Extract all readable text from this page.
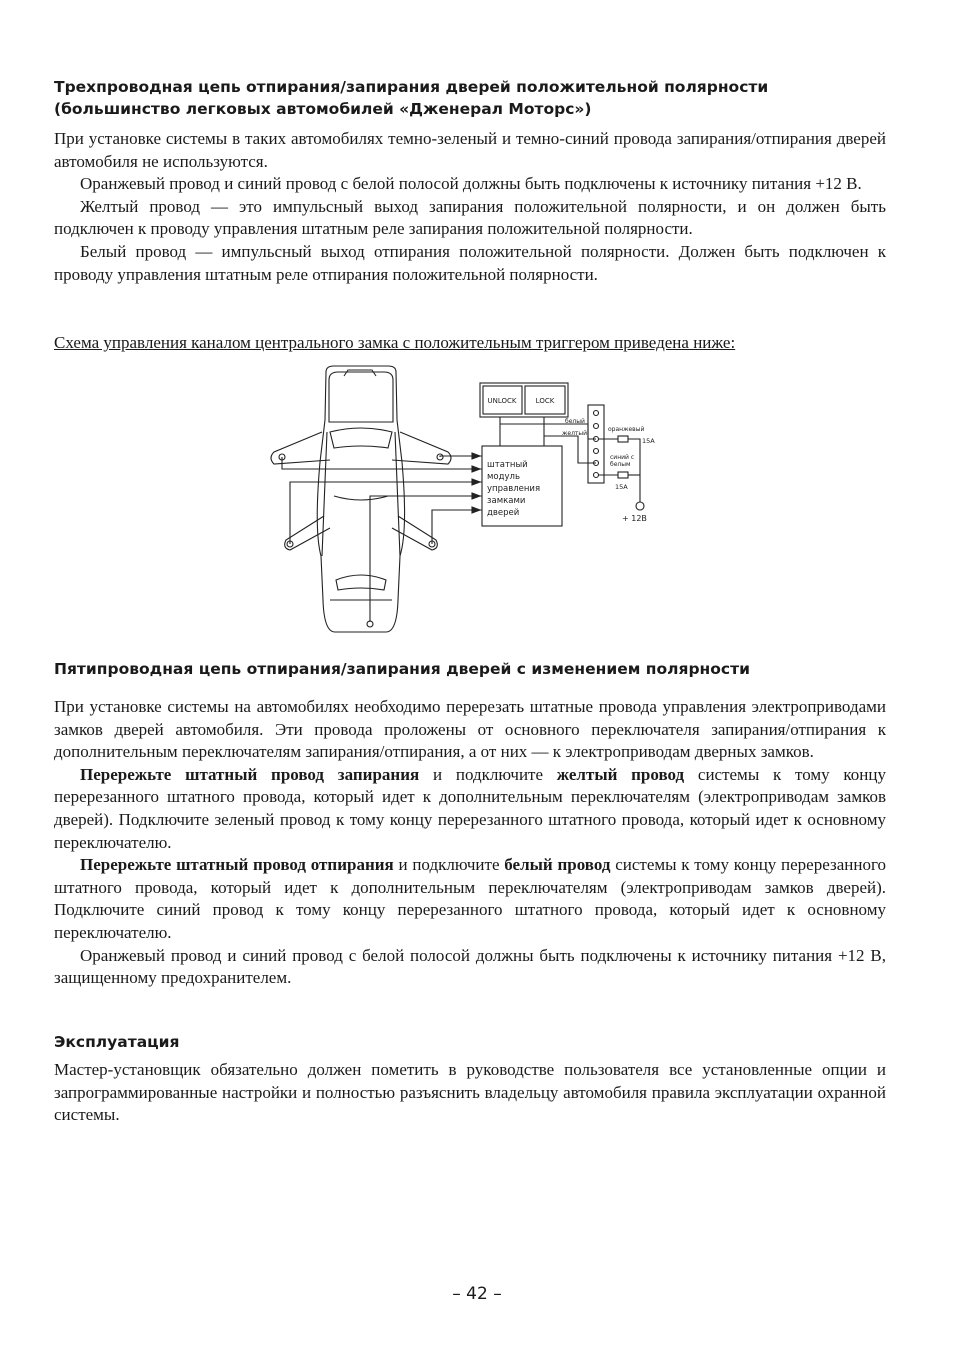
Трехпроводная цепь отпирания/запирания дверей положительной полярности
(большинство легковых автомобилей «Дженерал Моторс»)
При установке системы в таких автомобилях темно-зеленый и темно-синий провода запирания/отпирания дверей автомобиля не используются.
Оранжевый провод и синий провод с белой полосой должны быть подключены к источнику питания +12 В.
Желтый провод — это импульсный выход запирания положительной полярности, и он должен быть подключен к проводу управления штатным реле запирания положительной полярности.
Белый провод — импульсный выход отпирания положительной полярности. Должен быть подключен к проводу управления штатным реле отпирания положительной полярности.
Схема управления каналом центрального замка с положительным триггером приведена ниже:
UNLOCK	LOCK
белый
желтый
оранжевый
15A
синий с
белым
15A
+ 12В
штатный
модуль
управления
замками
дверей
Пятипроводная цепь отпирания/запирания дверей с изменением полярности
При установке системы на автомобилях необходимо перерезать штатные провода управления электроприводами замков дверей автомобиля. Эти провода проложены от основного переключателя запирания/отпирания к дополнительным переключателям запирания/отпирания, а от них — к электроприводам дверных замков.
Перережьте штатный провод запирания и подключите желтый провод системы к тому концу перерезанного штатного провода, который идет к дополнительным переключателям (электроприводам замков дверей). Подключите зеленый провод к тому концу перерезанного штатного провода, который идет к основному переключателю.
Перережьте штатный провод отпирания и подключите белый провод системы к тому концу перерезанного штатного провода, который идет к дополнительным переключателям (электроприводам замков дверей). Подключите синий провод к тому концу перерезанного штатного провода, который идет к основному переключателю.
Оранжевый провод и синий провод с белой полосой должны быть подключены к источнику питания +12 В, защищенному предохранителем.
Эксплуатация
Мастер-установщик обязательно должен пометить в руководстве пользователя все установленные опции и запрограммированные настройки и полностью разъяснить владельцу автомобиля правила эксплуатации охранной системы.
– 42 –
